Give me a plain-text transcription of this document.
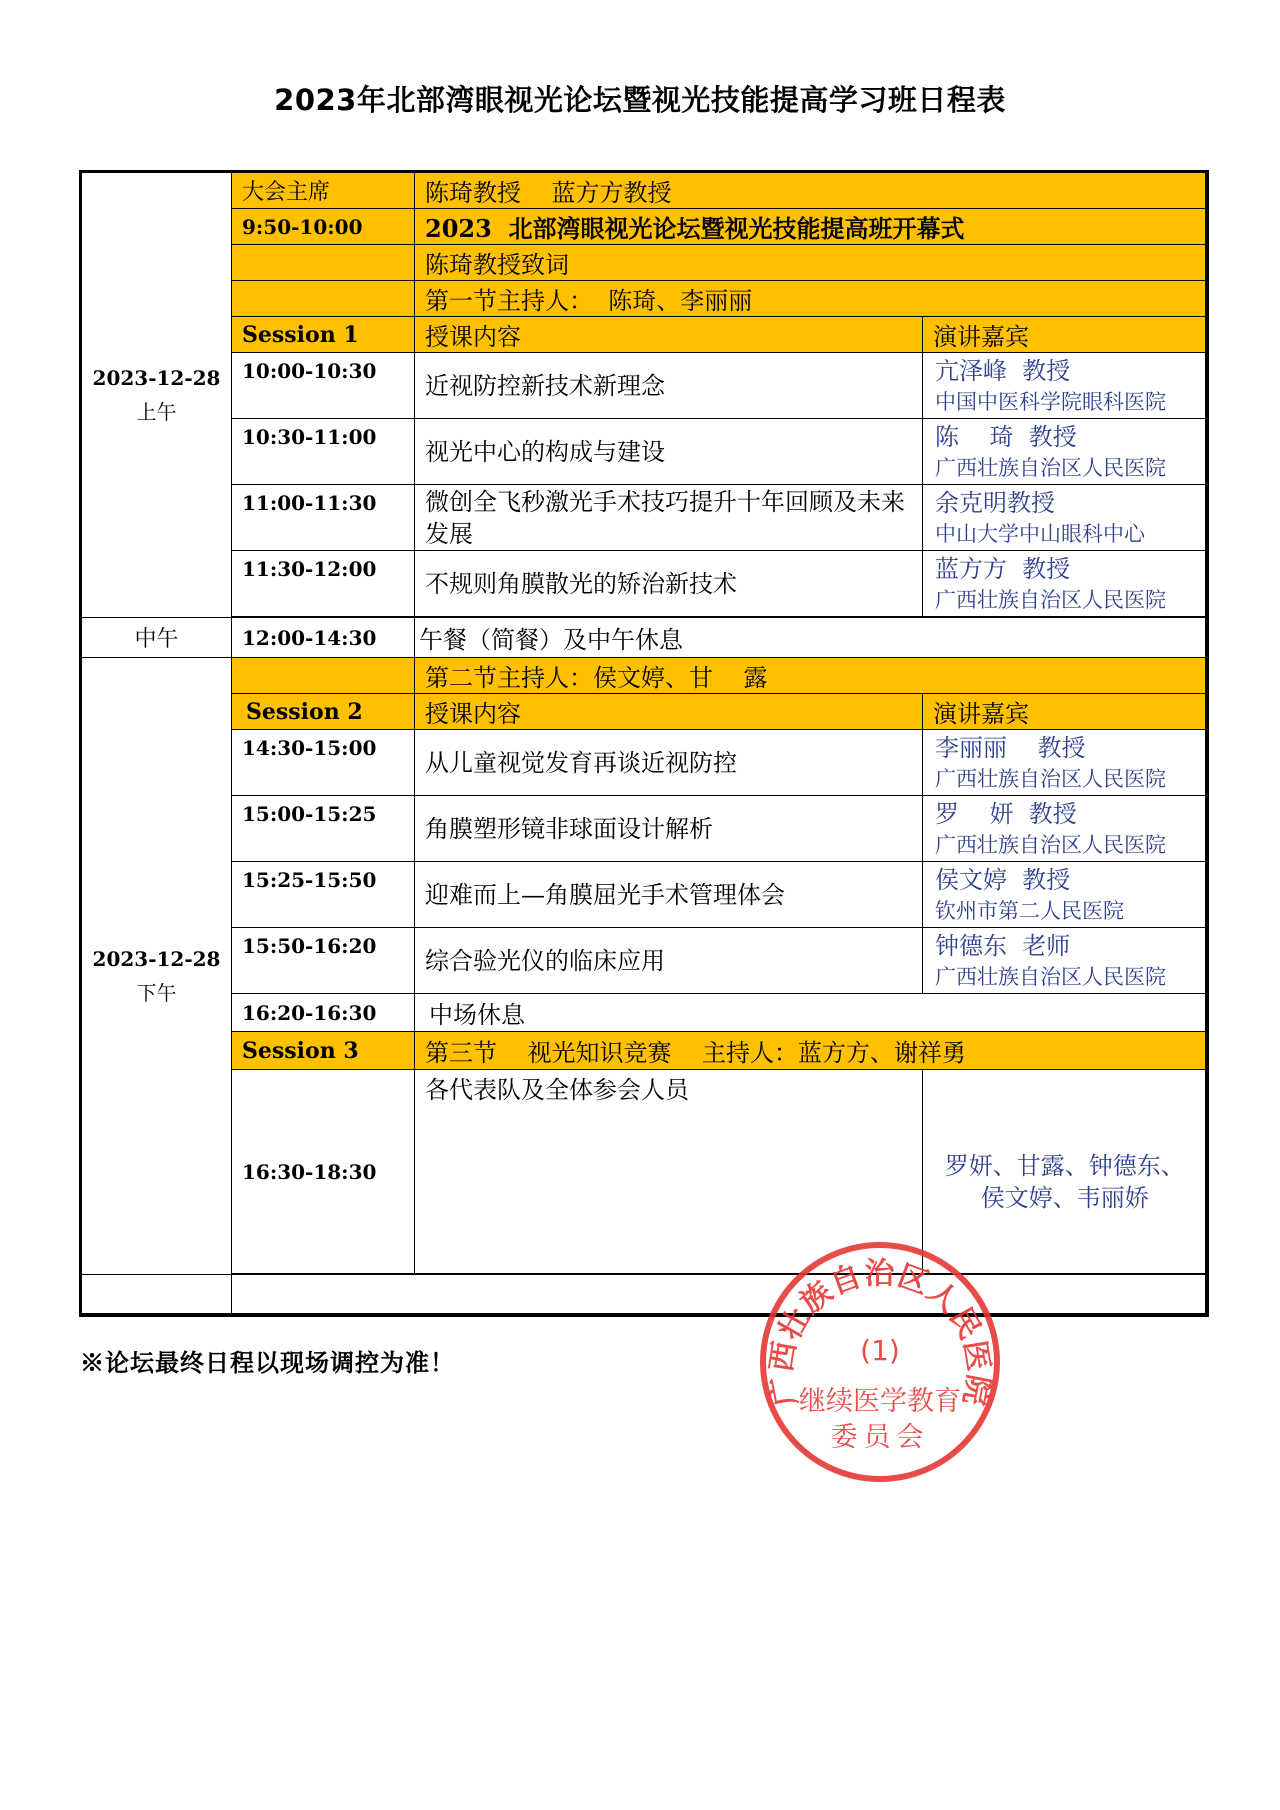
2023年北部湾眼视光论坛暨视光技能提高学习班日程表
2023-12-28
上午	大会主席	陈琦教授    蓝方方教授	
	9:50-10:00	2023  北部湾眼视光论坛暨视光技能提高班开幕式	
		陈琦教授致词	
		第一节主持人：  陈琦、李丽丽	
	Session 1	授课内容	演讲嘉宾
	10:00-10:30	近视防控新技术新理念	亢泽峰  教授
中国中医科学院眼科医院

	10:30-11:00	视光中心的构成与建设	陈    琦  教授
广西壮族自治区人民医院

	11:00-11:30	微创全飞秒激光手术技巧提升十年回顾及未来发展	余克明教授
中山大学中山眼科中心

	11:30-12:00	不规则角膜散光的矫治新技术	蓝方方  教授
广西壮族自治区人民医院

中午	12:00-14:30	午餐（简餐）及中午休息	

2023-12-28
下午		第二节主持人：侯文婷、甘    露	
	Session 2	授课内容	演讲嘉宾
	14:30-15:00	从儿童视觉发育再谈近视防控	李丽丽    教授
广西壮族自治区人民医院

	15:00-15:25	角膜塑形镜非球面设计解析	罗    妍  教授
广西壮族自治区人民医院

	15:25-15:50	迎难而上—角膜屈光手术管理体会	侯文婷  教授
钦州市第二人民医院

	15:50-16:20	综合验光仪的临床应用	钟德东  老师
广西壮族自治区人民医院

	16:20-16:30	中场休息	
	Session 3	第三节    视光知识竞赛    主持人：蓝方方、谢祥勇	
	16:30-18:30	各代表队及全体参会人员	罗妍、甘露、钟德东、
侯文婷、韦丽娇

※论坛最终日程以现场调控为准！
广西壮族自治区人民医院
(1)
继续医学教育
委员会
